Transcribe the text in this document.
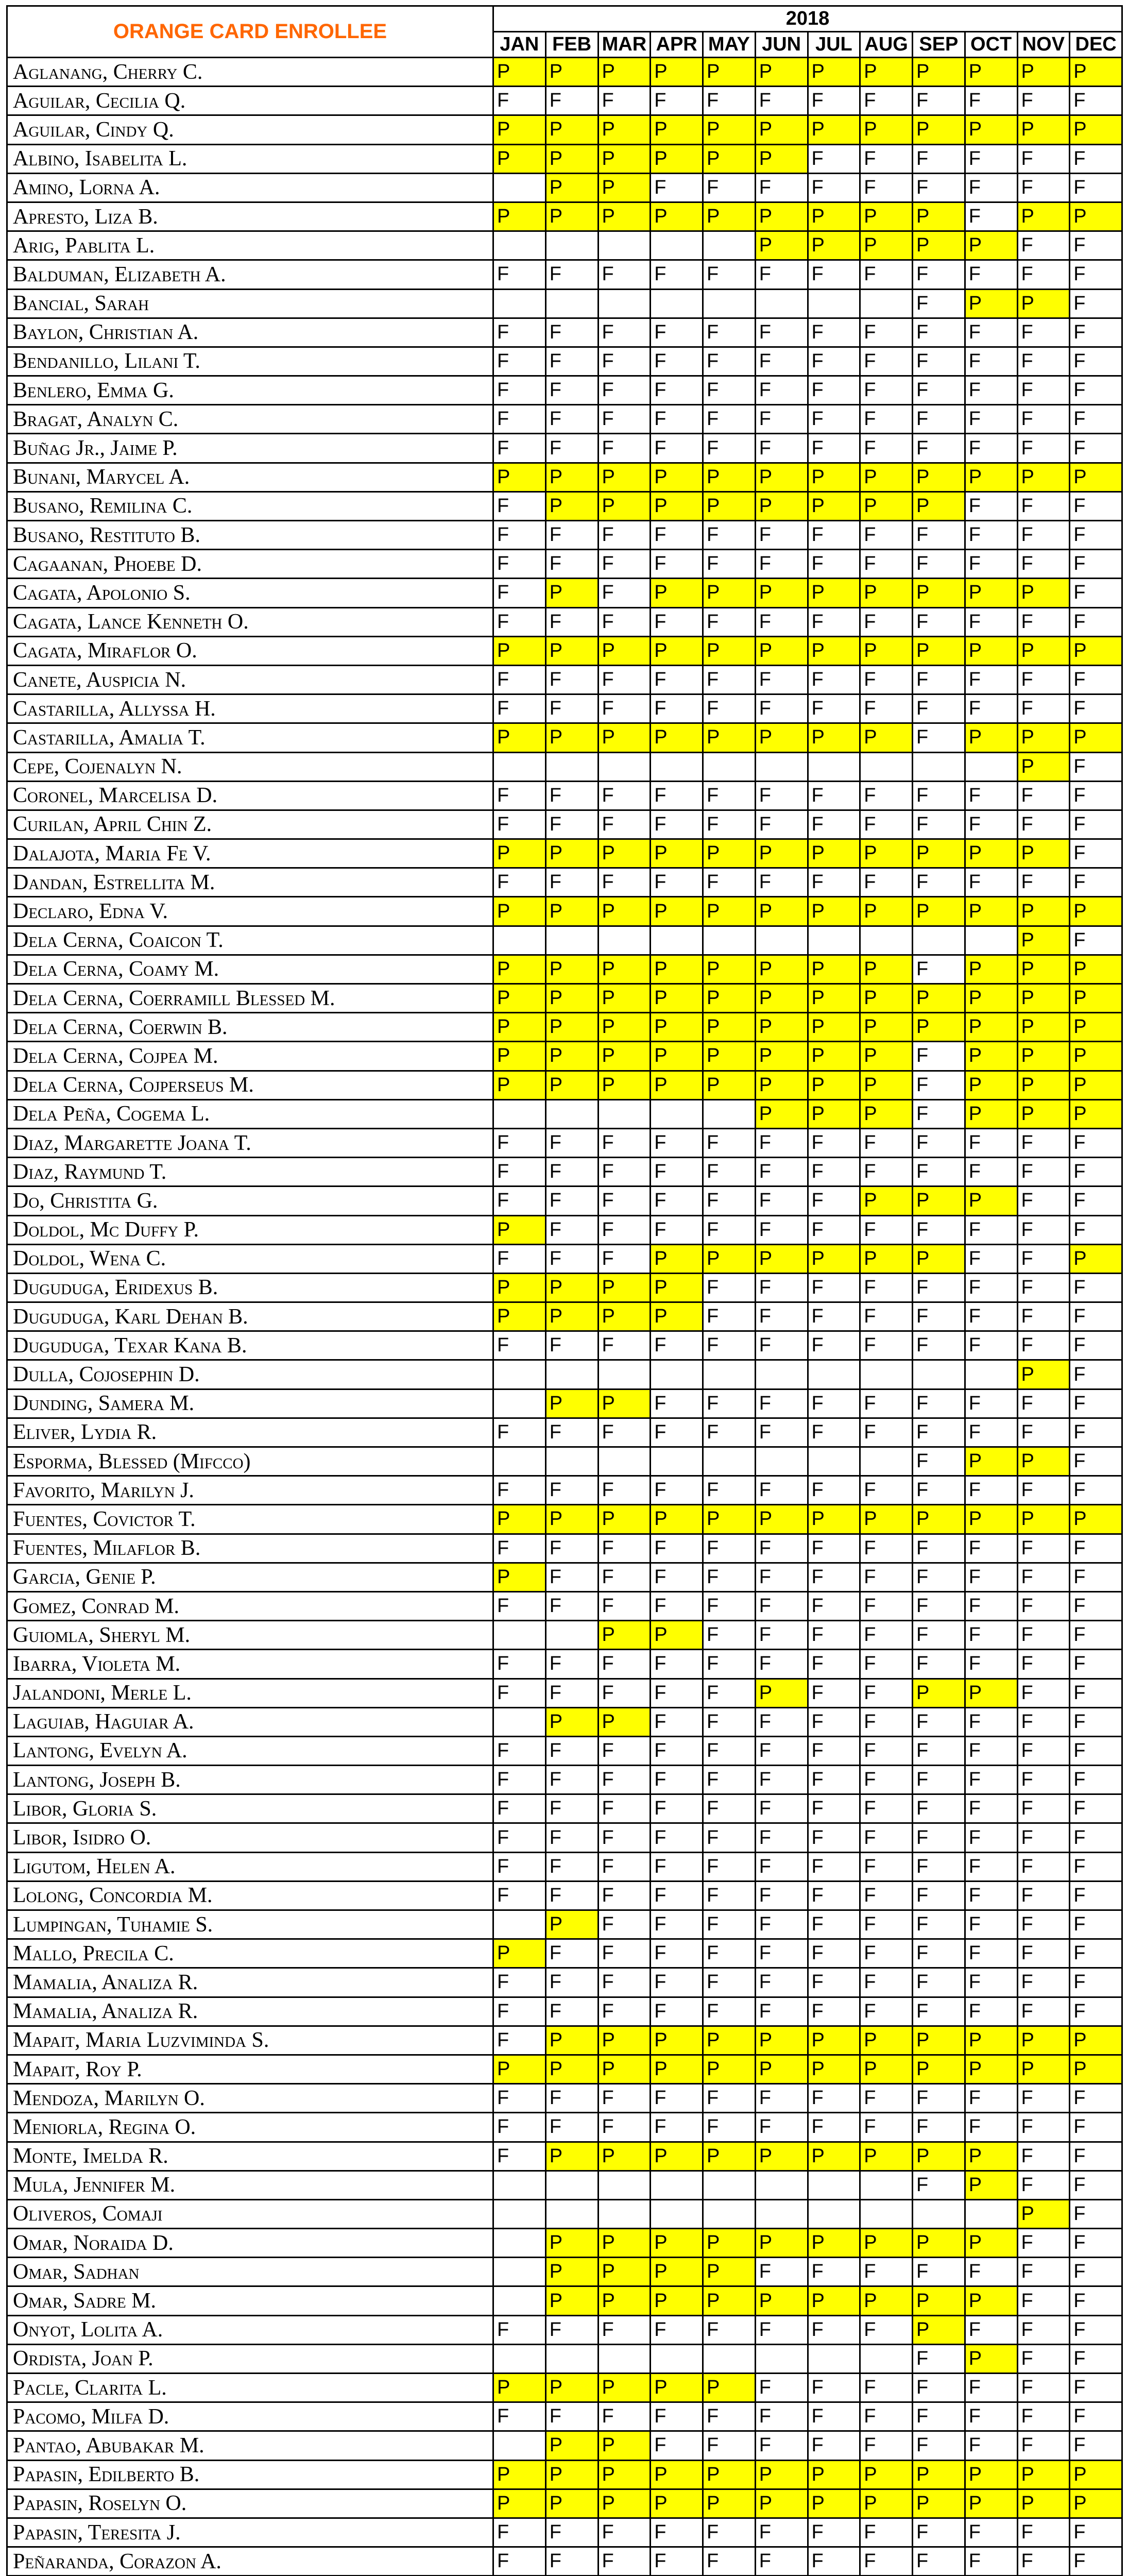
ORANGE CARD ENROLLEE	2018											
	JAN	FEB	MAR	APR	MAY	JUN	JUL	AUG	SEP	OCT	NOV	DEC
Aglanang, Cherry C.	P	P	P	P	P	P	P	P	P	P	P	P
Aguilar, Cecilia Q.	F	F	F	F	F	F	F	F	F	F	F	F
Aguilar, Cindy Q.	P	P	P	P	P	P	P	P	P	P	P	P
Albino, Isabelita L.	P	P	P	P	P	P	F	F	F	F	F	F
Amino, Lorna A.		P	P	F	F	F	F	F	F	F	F	F
Apresto, Liza B.	P	P	P	P	P	P	P	P	P	F	P	P
Arig, Pablita L.						P	P	P	P	P	F	F
Balduman, Elizabeth A.	F	F	F	F	F	F	F	F	F	F	F	F
Bancial, Sarah									F	P	P	F
Baylon, Christian A.	F	F	F	F	F	F	F	F	F	F	F	F
Bendanillo, Lilani T.	F	F	F	F	F	F	F	F	F	F	F	F
Benlero, Emma G.	F	F	F	F	F	F	F	F	F	F	F	F
Bragat, Analyn C.	F	F	F	F	F	F	F	F	F	F	F	F
Buñag Jr., Jaime P.	F	F	F	F	F	F	F	F	F	F	F	F
Bunani, Marycel A.	P	P	P	P	P	P	P	P	P	P	P	P
Busano, Remilina C.	F	P	P	P	P	P	P	P	P	F	F	F
Busano, Restituto B.	F	F	F	F	F	F	F	F	F	F	F	F
Cagaanan, Phoebe D.	F	F	F	F	F	F	F	F	F	F	F	F
Cagata, Apolonio S.	F	P	F	P	P	P	P	P	P	P	P	F
Cagata, Lance Kenneth O.	F	F	F	F	F	F	F	F	F	F	F	F
Cagata, Miraflor O.	P	P	P	P	P	P	P	P	P	P	P	P
Canete, Auspicia N.	F	F	F	F	F	F	F	F	F	F	F	F
Castarilla, Allyssa H.	F	F	F	F	F	F	F	F	F	F	F	F
Castarilla, Amalia T.	P	P	P	P	P	P	P	P	F	P	P	P
Cepe, Cojenalyn N.											P	F
Coronel, Marcelisa D.	F	F	F	F	F	F	F	F	F	F	F	F
Curilan, April Chin Z.	F	F	F	F	F	F	F	F	F	F	F	F
Dalajota, Maria Fe V.	P	P	P	P	P	P	P	P	P	P	P	F
Dandan, Estrellita M.	F	F	F	F	F	F	F	F	F	F	F	F
Declaro, Edna V.	P	P	P	P	P	P	P	P	P	P	P	P
Dela Cerna, Coaicon T.											P	F
Dela Cerna, Coamy M.	P	P	P	P	P	P	P	P	F	P	P	P
Dela Cerna, Coerramill Blessed M.	P	P	P	P	P	P	P	P	P	P	P	P
Dela Cerna, Coerwin B.	P	P	P	P	P	P	P	P	P	P	P	P
Dela Cerna, Cojpea M.	P	P	P	P	P	P	P	P	F	P	P	P
Dela Cerna, Cojperseus M.	P	P	P	P	P	P	P	P	F	P	P	P
Dela Peña, Cogema L.						P	P	P	F	P	P	P
Diaz, Margarette Joana T.	F	F	F	F	F	F	F	F	F	F	F	F
Diaz, Raymund T.	F	F	F	F	F	F	F	F	F	F	F	F
Do, Christita G.	F	F	F	F	F	F	F	P	P	P	F	F
Doldol, Mc Duffy P.	P	F	F	F	F	F	F	F	F	F	F	F
Doldol, Wena C.	F	F	F	P	P	P	P	P	P	F	F	P
Duguduga, Eridexus B.	P	P	P	P	F	F	F	F	F	F	F	F
Duguduga, Karl Dehan B.	P	P	P	P	F	F	F	F	F	F	F	F
Duguduga, Texar Kana B.	F	F	F	F	F	F	F	F	F	F	F	F
Dulla, Cojosephin D.											P	F
Dunding, Samera M.		P	P	F	F	F	F	F	F	F	F	F
Eliver, Lydia R.	F	F	F	F	F	F	F	F	F	F	F	F
Esporma, Blessed (Mifcco)									F	P	P	F
Favorito, Marilyn J.	F	F	F	F	F	F	F	F	F	F	F	F
Fuentes, Covictor T.	P	P	P	P	P	P	P	P	P	P	P	P
Fuentes, Milaflor B.	F	F	F	F	F	F	F	F	F	F	F	F
Garcia, Genie P.	P	F	F	F	F	F	F	F	F	F	F	F
Gomez, Conrad M.	F	F	F	F	F	F	F	F	F	F	F	F
Guiomla, Sheryl M.			P	P	F	F	F	F	F	F	F	F
Ibarra, Violeta M.	F	F	F	F	F	F	F	F	F	F	F	F
Jalandoni, Merle L.	F	F	F	F	F	P	F	F	P	P	F	F
Laguiab, Haguiar A.		P	P	F	F	F	F	F	F	F	F	F
Lantong, Evelyn A.	F	F	F	F	F	F	F	F	F	F	F	F
Lantong, Joseph B.	F	F	F	F	F	F	F	F	F	F	F	F
Libor, Gloria S.	F	F	F	F	F	F	F	F	F	F	F	F
Libor, Isidro O.	F	F	F	F	F	F	F	F	F	F	F	F
Ligutom, Helen A.	F	F	F	F	F	F	F	F	F	F	F	F
Lolong, Concordia M.	F	F	F	F	F	F	F	F	F	F	F	F
Lumpingan, Tuhamie S.		P	F	F	F	F	F	F	F	F	F	F
Mallo, Precila C.	P	F	F	F	F	F	F	F	F	F	F	F
Mamalia, Analiza R.	F	F	F	F	F	F	F	F	F	F	F	F
Mamalia, Analiza R.	F	F	F	F	F	F	F	F	F	F	F	F
Mapait, Maria Luzviminda S.	F	P	P	P	P	P	P	P	P	P	P	P
Mapait, Roy P.	P	P	P	P	P	P	P	P	P	P	P	P
Mendoza, Marilyn O.	F	F	F	F	F	F	F	F	F	F	F	F
Meniorla, Regina O.	F	F	F	F	F	F	F	F	F	F	F	F
Monte, Imelda R.	F	P	P	P	P	P	P	P	P	P	F	F
Mula, Jennifer M.									F	P	F	F
Oliveros, Comaji											P	F
Omar, Noraida D.		P	P	P	P	P	P	P	P	P	F	F
Omar, Sadhan		P	P	P	P	F	F	F	F	F	F	F
Omar, Sadre M.		P	P	P	P	P	P	P	P	P	F	F
Onyot, Lolita A.	F	F	F	F	F	F	F	F	P	F	F	F
Ordista, Joan P.									F	P	F	F
Pacle, Clarita L.	P	P	P	P	P	F	F	F	F	F	F	F
Pacomo, Milfa D.	F	F	F	F	F	F	F	F	F	F	F	F
Pantao, Abubakar M.		P	P	F	F	F	F	F	F	F	F	F
Papasin, Edilberto B.	P	P	P	P	P	P	P	P	P	P	P	P
Papasin, Roselyn O.	P	P	P	P	P	P	P	P	P	P	P	P
Papasin, Teresita J.	F	F	F	F	F	F	F	F	F	F	F	F
Peñaranda, Corazon A.	F	F	F	F	F	F	F	F	F	F	F	F
